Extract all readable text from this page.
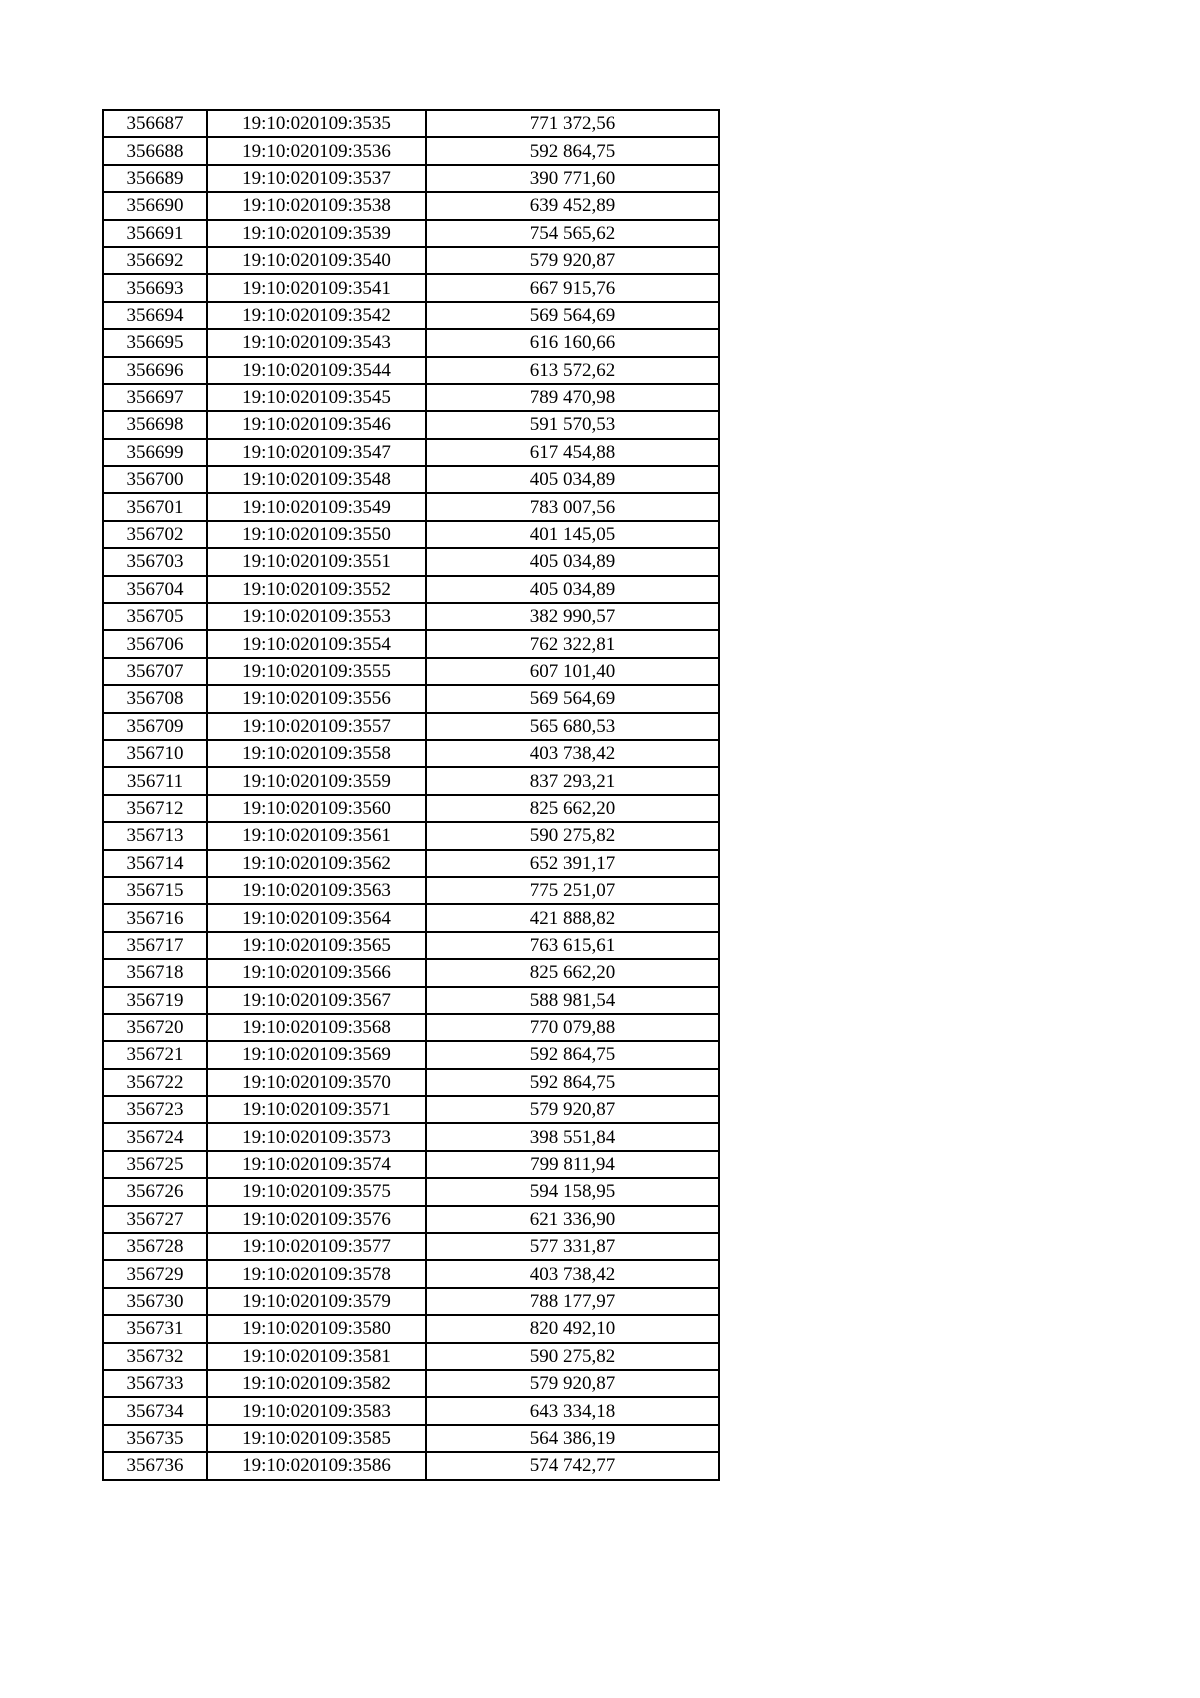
356687	19:10:020109:3535	771 372,56
356688	19:10:020109:3536	592 864,75
356689	19:10:020109:3537	390 771,60
356690	19:10:020109:3538	639 452,89
356691	19:10:020109:3539	754 565,62
356692	19:10:020109:3540	579 920,87
356693	19:10:020109:3541	667 915,76
356694	19:10:020109:3542	569 564,69
356695	19:10:020109:3543	616 160,66
356696	19:10:020109:3544	613 572,62
356697	19:10:020109:3545	789 470,98
356698	19:10:020109:3546	591 570,53
356699	19:10:020109:3547	617 454,88
356700	19:10:020109:3548	405 034,89
356701	19:10:020109:3549	783 007,56
356702	19:10:020109:3550	401 145,05
356703	19:10:020109:3551	405 034,89
356704	19:10:020109:3552	405 034,89
356705	19:10:020109:3553	382 990,57
356706	19:10:020109:3554	762 322,81
356707	19:10:020109:3555	607 101,40
356708	19:10:020109:3556	569 564,69
356709	19:10:020109:3557	565 680,53
356710	19:10:020109:3558	403 738,42
356711	19:10:020109:3559	837 293,21
356712	19:10:020109:3560	825 662,20
356713	19:10:020109:3561	590 275,82
356714	19:10:020109:3562	652 391,17
356715	19:10:020109:3563	775 251,07
356716	19:10:020109:3564	421 888,82
356717	19:10:020109:3565	763 615,61
356718	19:10:020109:3566	825 662,20
356719	19:10:020109:3567	588 981,54
356720	19:10:020109:3568	770 079,88
356721	19:10:020109:3569	592 864,75
356722	19:10:020109:3570	592 864,75
356723	19:10:020109:3571	579 920,87
356724	19:10:020109:3573	398 551,84
356725	19:10:020109:3574	799 811,94
356726	19:10:020109:3575	594 158,95
356727	19:10:020109:3576	621 336,90
356728	19:10:020109:3577	577 331,87
356729	19:10:020109:3578	403 738,42
356730	19:10:020109:3579	788 177,97
356731	19:10:020109:3580	820 492,10
356732	19:10:020109:3581	590 275,82
356733	19:10:020109:3582	579 920,87
356734	19:10:020109:3583	643 334,18
356735	19:10:020109:3585	564 386,19
356736	19:10:020109:3586	574 742,77
